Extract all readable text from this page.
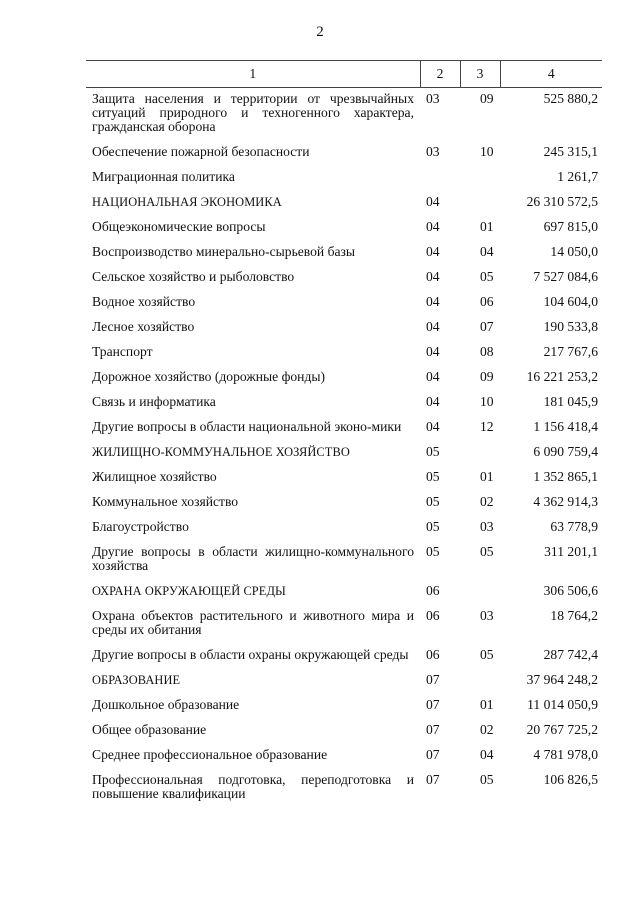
2
1	2	3	4
Защита населения и территории от чрезвычайных ситуаций природного и техногенного характера, гражданская оборона	03	09	525 880,2
Обеспечение пожарной безопасности	03	10	245 315,1
Миграционная политика			1 261,7
НАЦИОНАЛЬНАЯ ЭКОНОМИКА	04		26 310 572,5
Общеэкономические вопросы	04	01	697 815,0
Воспроизводство минерально-сырьевой базы	04	04	14 050,0
Сельское хозяйство и рыболовство	04	05	7 527 084,6
Водное хозяйство	04	06	104 604,0
Лесное хозяйство	04	07	190 533,8
Транспорт	04	08	217 767,6
Дорожное хозяйство (дорожные фонды)	04	09	16 221 253,2
Связь и информатика	04	10	181 045,9
Другие вопросы в области национальной эконо-мики	04	12	1 156 418,4
ЖИЛИЩНО-КОММУНАЛЬНОЕ ХОЗЯЙСТВО	05		6 090 759,4
Жилищное хозяйство	05	01	1 352 865,1
Коммунальное хозяйство	05	02	4 362 914,3
Благоустройство	05	03	63 778,9
Другие вопросы в области жилищно-коммунального хозяйства	05	05	311 201,1
ОХРАНА ОКРУЖАЮЩЕЙ СРЕДЫ	06		306 506,6
Охрана объектов растительного и животного мира и среды их обитания	06	03	18 764,2
Другие вопросы в области охраны окружающей среды	06	05	287 742,4
ОБРАЗОВАНИЕ	07		37 964 248,2
Дошкольное образование	07	01	11 014 050,9
Общее образование	07	02	20 767 725,2
Среднее профессиональное образование	07	04	4 781 978,0
Профессиональная подготовка, переподготовка и повышение квалификации	07	05	106 826,5
